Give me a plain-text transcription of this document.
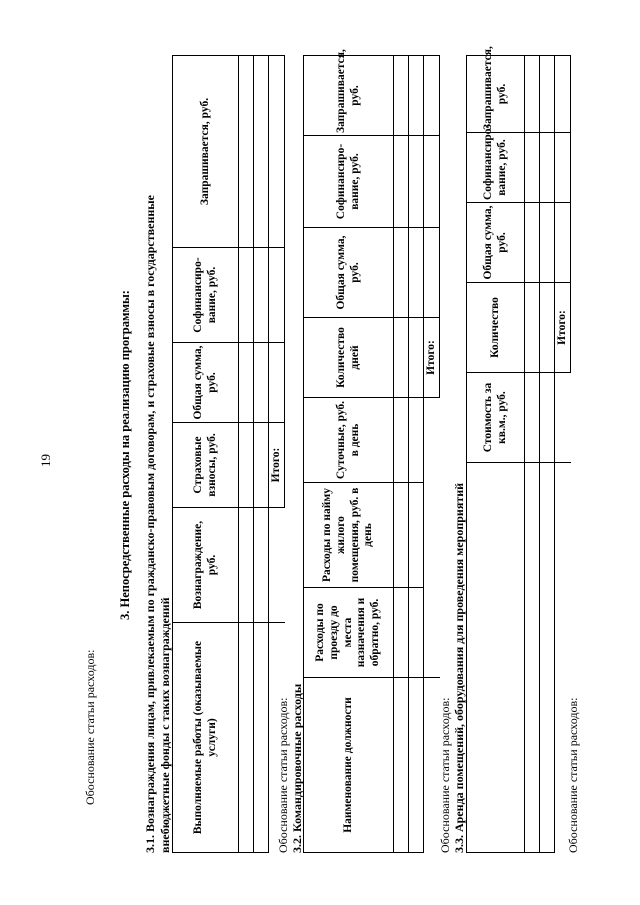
19
Обоснование статьи расходов:
3. Непосредственные расходы на реализацию программы: 3.1. Вознаграждения лицам, привлекаемым по гражданско-правовым договорам, и страховые взносы в государственные внебюджетные фонды с таких вознаграждений Выполняемые работы (оказываемые услуги)	Вознаграждение, руб.	Страховые взносы, руб.	Общая сумма, руб.	Софинансиро-вание, руб.	Запрашивается, руб.

		Итого:			
Обоснование статьи расходов: 3.2. Командировочные расходы	Наименование должности	Расходы по проезду до места назначения и обратно, руб.	Расходы по найму жилого помещения, руб. в день	Суточные, руб. в день	Количество дней	Общая сумма, руб.	Софинансиро-вание, руб.	Запрашивается, руб.

				Итого:			
Обоснование статьи расходов: 3.3. Аренда помещений, оборудования для проведения мероприятий
	Стоимость за кв.м., руб.	Количество	Общая сумма, руб.	Софинансиро-вание, руб.	Запрашивается, руб.

		Итого:			
Обоснование статьи расходов:
